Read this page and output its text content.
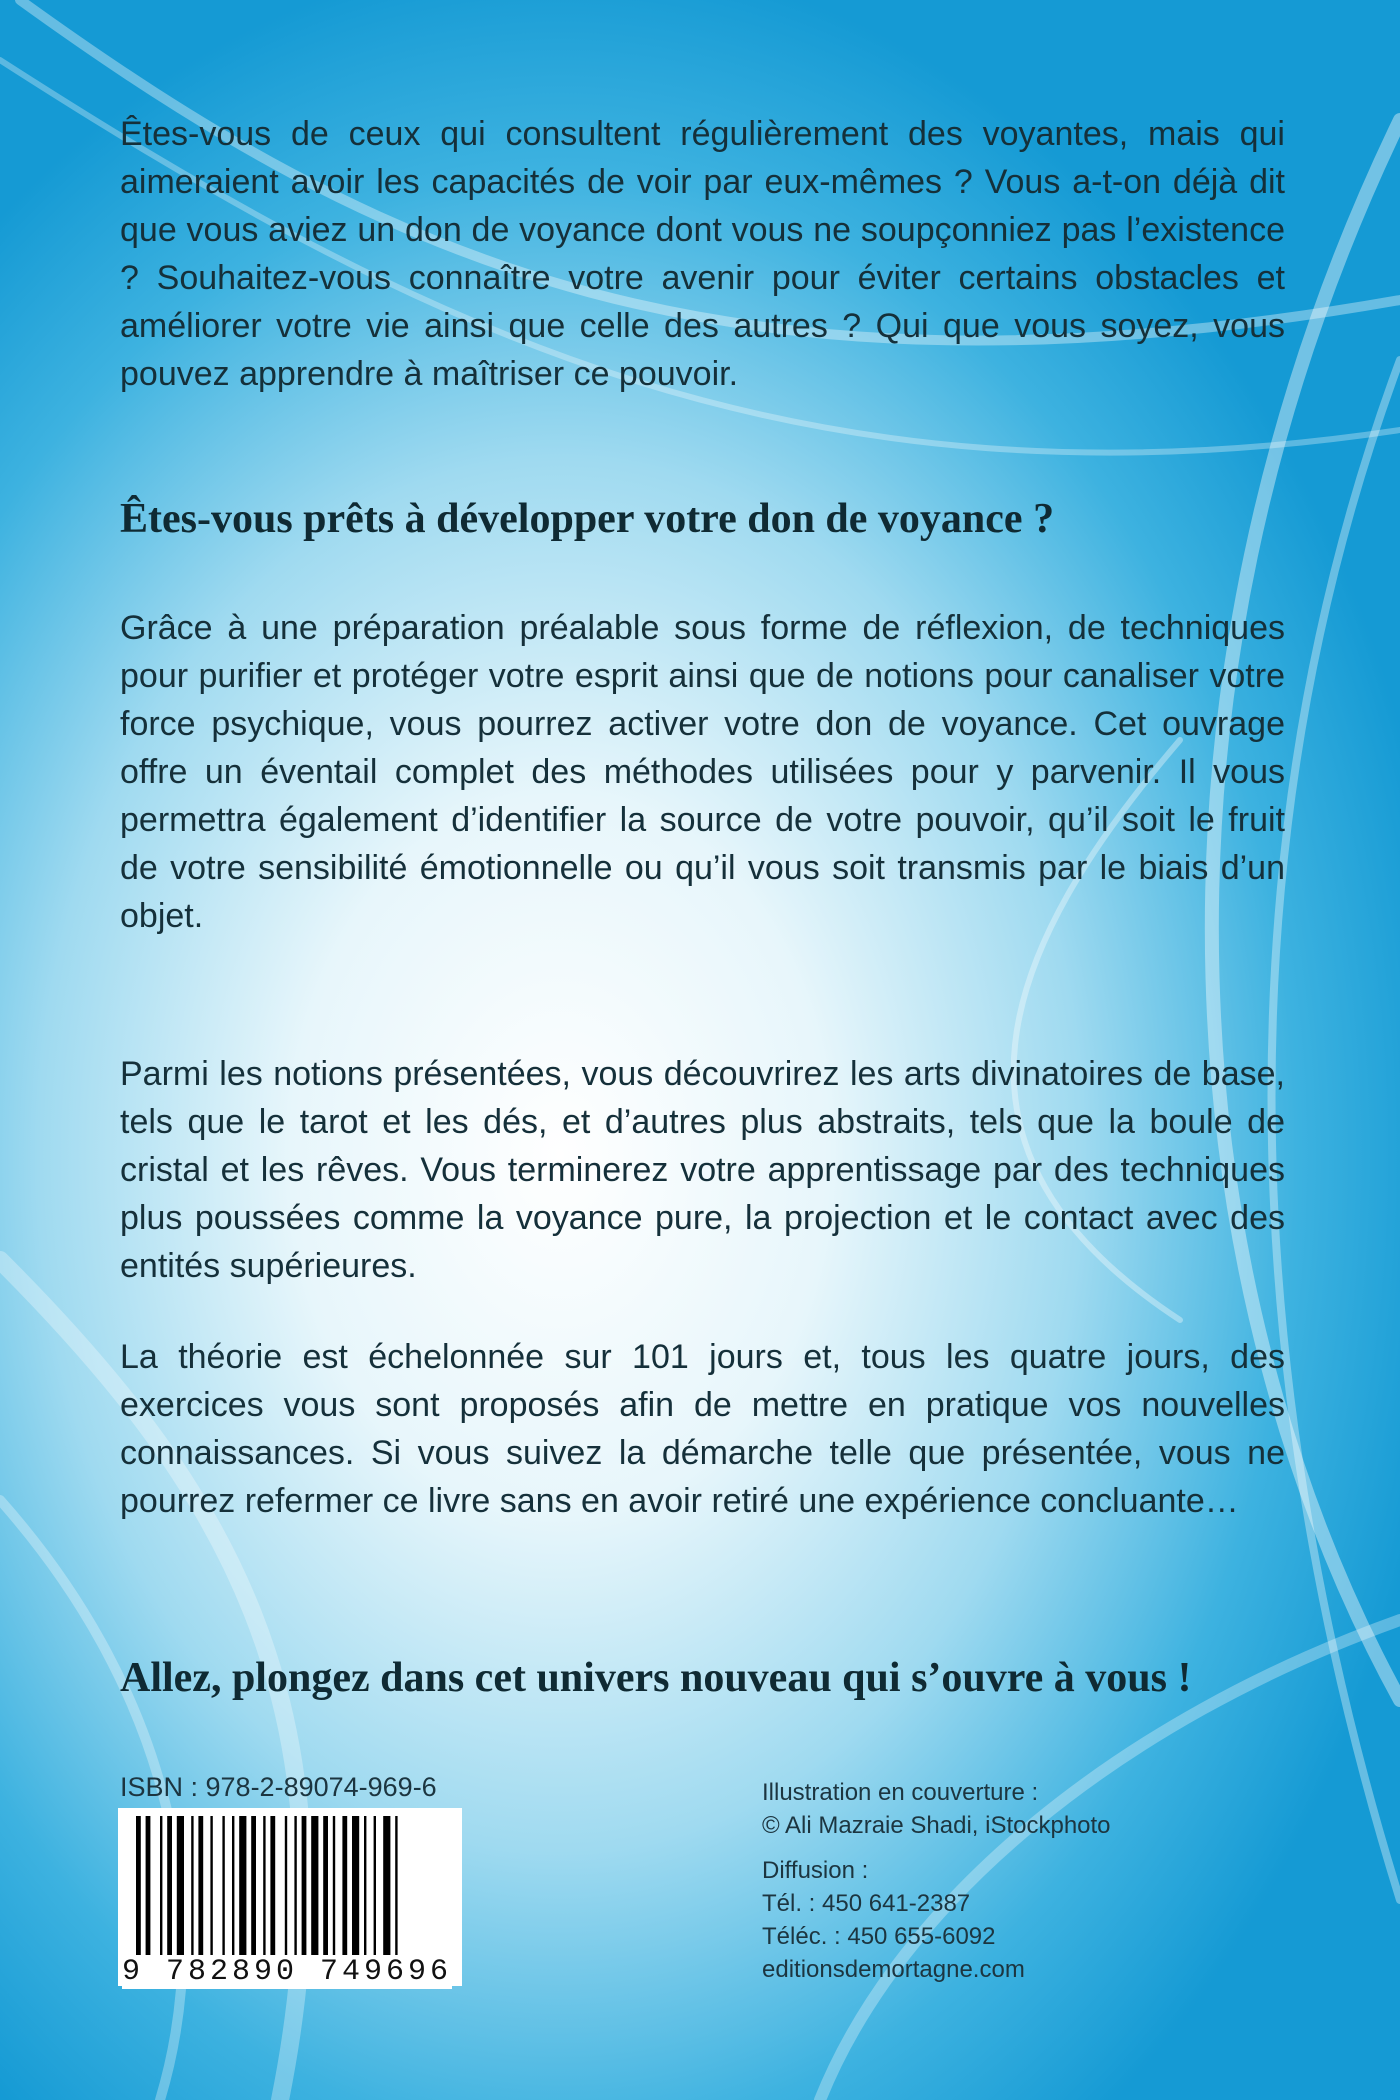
Êtes-vous de ceux qui consultent régulièrement des voyantes, mais qui aimeraient avoir les capacités de voir par eux-mêmes ? Vous a-t-on déjà dit que vous aviez un don de voyance dont vous ne soupçonniez pas l’existence ? Souhaitez-vous connaître votre avenir pour éviter certains obstacles et améliorer votre vie ainsi que celle des autres ? Qui que vous soyez, vous pouvez apprendre à maîtriser ce pouvoir.

Êtes-vous prêts à développer votre don de voyance ?

Grâce à une préparation préalable sous forme de réflexion, de techniques pour purifier et protéger votre esprit ainsi que de notions pour canaliser votre force psychique, vous pourrez activer votre don de voyance. Cet ouvrage offre un éventail complet des méthodes utilisées pour y parvenir. Il vous permettra également d’identifier la source de votre pouvoir, qu’il soit le fruit de votre sensibilité émotionnelle ou qu’il vous soit transmis par le biais d’un objet.

Parmi les notions présentées, vous découvrirez les arts divinatoires de base, tels que le tarot et les dés, et d’autres plus abstraits, tels que la boule de cristal et les rêves. Vous terminerez votre apprentissage par des techniques plus poussées comme la voyance pure, la projection et le contact avec des entités supérieures.

La théorie est échelonnée sur 101 jours et, tous les quatre jours, des exercices vous sont proposés afin de mettre en pratique vos nouvelles connaissances. Si vous suivez la démarche telle que présentée, vous ne pourrez refermer ce livre sans en avoir retiré une expérience concluante…

Allez, plongez dans cet univers nouveau qui s’ouvre à vous !
ISBN : 978-2-89074-969-6
9 782890 749696
Illustration en couverture :
© Ali Mazraie Shadi, iStockphoto
Diffusion :
Tél. : 450 641-2387
Téléc. : 450 655-6092
editionsdemortagne.com
